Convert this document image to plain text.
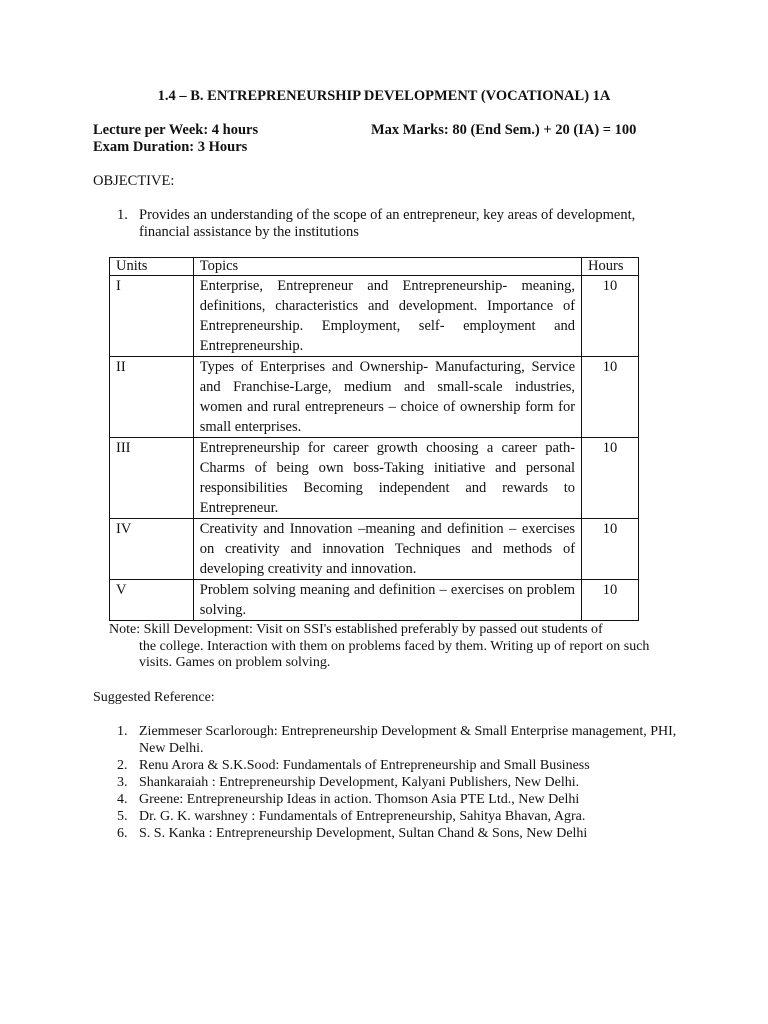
1.4 – B. ENTREPRENEURSHIP DEVELOPMENT (VOCATIONAL) 1A
Lecture per Week: 4 hours
Exam Duration: 3 Hours
Max Marks: 80 (End Sem.) + 20 (IA) = 100
OBJECTIVE:
1. Provides an understanding of the scope of an entrepreneur, key areas of development, financial assistance by the institutions
Units	Topics	Hours
I	Enterprise, Entrepreneur and Entrepreneurship- meaning, definitions, characteristics and development. Importance of Entrepreneurship. Employment, self- employment and Entrepreneurship.	10
II	Types of Enterprises and Ownership- Manufacturing, Service and Franchise-Large, medium and small-scale industries, women and rural entrepreneurs – choice of ownership form for small enterprises.	10
III	Entrepreneurship for career growth choosing a career path- Charms of being own boss-Taking initiative and personal responsibilities Becoming independent and rewards to Entrepreneur.	10
IV	Creativity and Innovation –meaning and definition – exercises on creativity and innovation Techniques and methods of developing creativity and innovation.	10
V	Problem solving meaning and definition – exercises on problem solving.	10
Note: Skill Development: Visit on SSI's established preferably by passed out students of
the college. Interaction with them on problems faced by them. Writing up of report on such visits. Games on problem solving.
Suggested Reference:
1. Ziemmeser Scarlorough: Entrepreneurship Development & Small Enterprise management, PHI, New Delhi.
2. Renu Arora & S.K.Sood: Fundamentals of Entrepreneurship and Small Business
3. Shankaraiah : Entrepreneurship Development, Kalyani Publishers, New Delhi.
4. Greene: Entrepreneurship Ideas in action. Thomson Asia PTE Ltd., New Delhi
5. Dr. G. K. warshney : Fundamentals of Entrepreneurship, Sahitya Bhavan, Agra.
6. S. S. Kanka : Entrepreneurship Development, Sultan Chand & Sons, New Delhi
